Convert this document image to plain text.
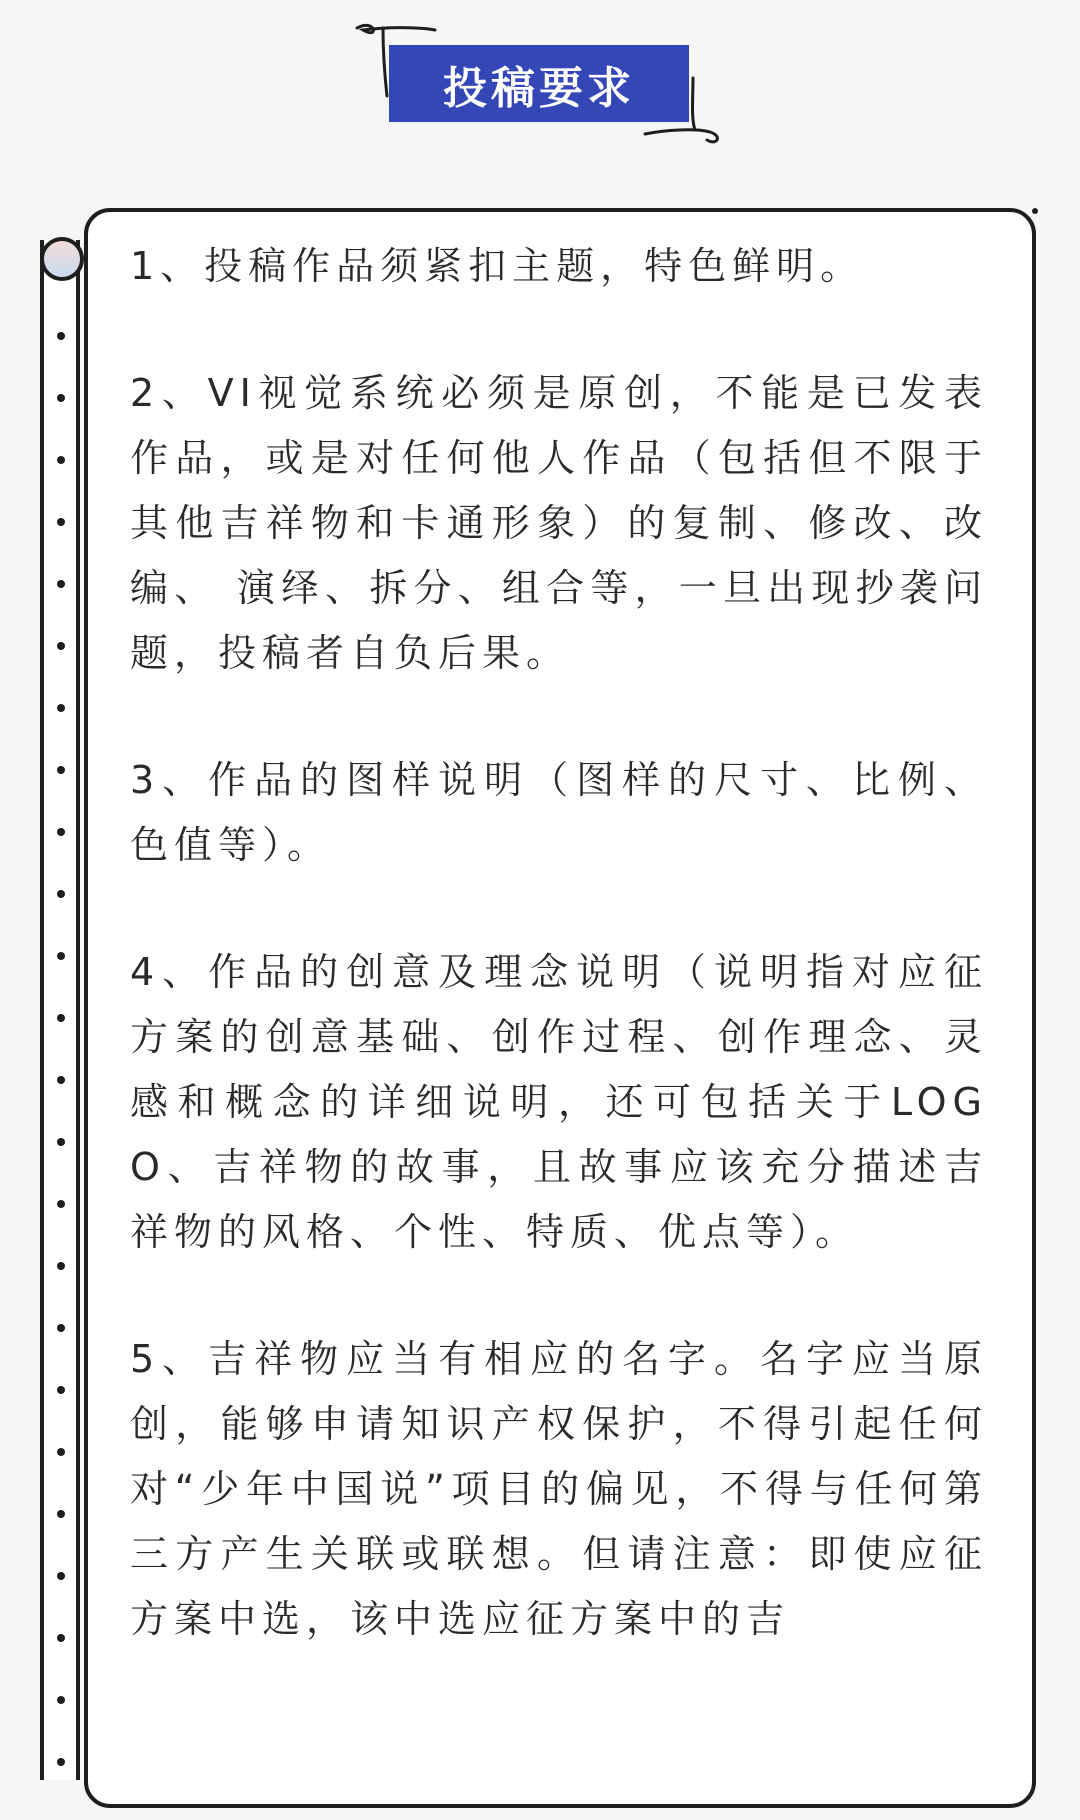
投稿要求

1、投稿作品须紧扣主题，特色鲜明。

2、VI视觉系统必须是原创，不能是已发表作品，或是对任何他人作品（包括但不限于其他吉祥物和卡通形象）的复制、修改、改编、 演绎、拆分、组合等，一旦出现抄袭问题，投稿者自负后果。

3、作品的图样说明（图样的尺寸、比例、色值等）。

4、作品的创意及理念说明（说明指对应征方案的创意基础、创作过程、创作理念、灵感和概念的详细说明，还可包括关于LOGO、吉祥物的故事，且故事应该充分描述吉祥物的风格、个性、特质、优点等）。

5、吉祥物应当有相应的名字。名字应当原创，能够申请知识产权保护，不得引起任何对“少年中国说”项目的偏见，不得与任何第三方产生关联或联想。但请注意：即使应征方案中选，该中选应征方案中的吉
